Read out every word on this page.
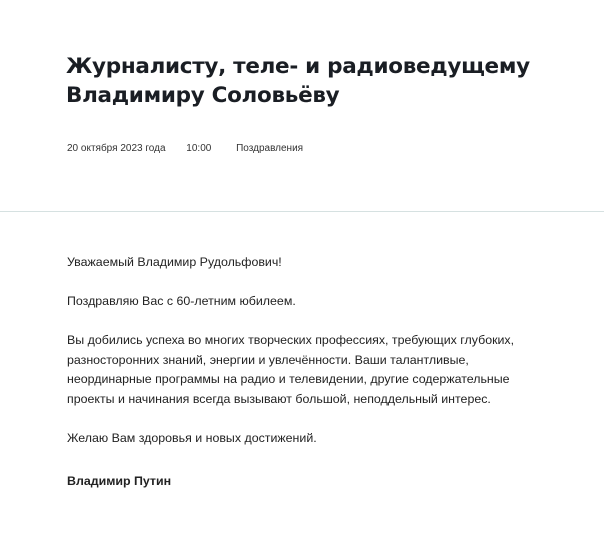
Журналисту, теле- и радиоведущему Владимиру Соловьёву
20 октября 2023 года 10:00 Поздравления

Уважаемый Владимир Рудольфович!

Поздравляю Вас с 60-летним юбилеем.

Вы добились успеха во многих творческих профессиях, требующих глубоких, разносторонних знаний, энергии и увлечённости. Ваши талантливые, неординарные программы на радио и телевидении, другие содержательные проекты и начинания всегда вызывают большой, неподдельный интерес.

Желаю Вам здоровья и новых достижений.

Владимир Путин
